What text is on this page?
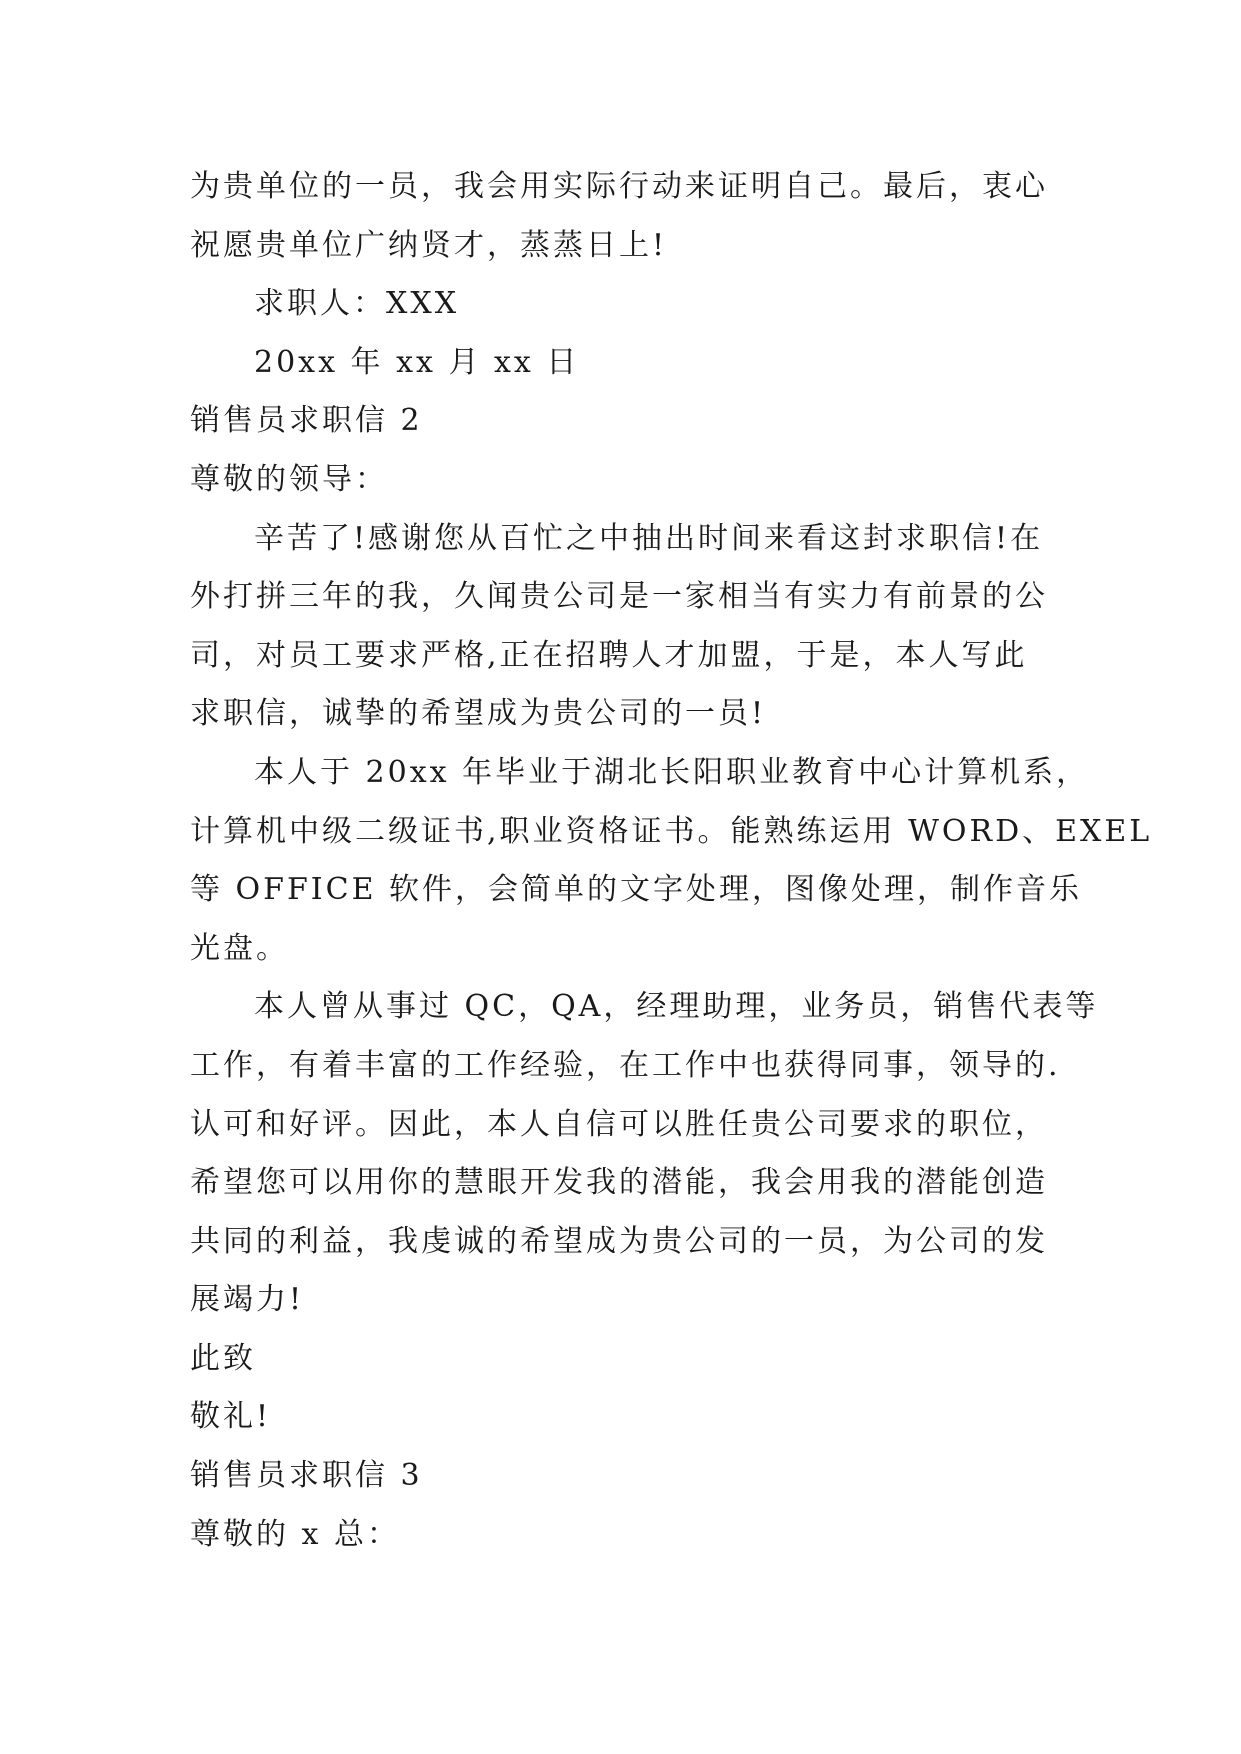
为贵单位的一员，我会用实际行动来证明自己。最后，衷心
祝愿贵单位广纳贤才，蒸蒸日上!
求职人：XXX
20xx 年 xx 月 xx 日
销售员求职信 2
尊敬的领导：
辛苦了!感谢您从百忙之中抽出时间来看这封求职信!在
外打拼三年的我，久闻贵公司是一家相当有实力有前景的公
司，对员工要求严格,正在招聘人才加盟，于是，本人写此
求职信，诚挚的希望成为贵公司的一员!
本人于 20xx 年毕业于湖北长阳职业教育中心计算机系，
计算机中级二级证书,职业资格证书。能熟练运用 WORD、EXEL
等 OFFICE 软件，会简单的文字处理，图像处理，制作音乐
光盘。
本人曾从事过 QC，QA，经理助理，业务员，销售代表等
工作，有着丰富的工作经验，在工作中也获得同事，领导的.
认可和好评。因此，本人自信可以胜任贵公司要求的职位，
希望您可以用你的慧眼开发我的潜能，我会用我的潜能创造
共同的利益，我虔诚的希望成为贵公司的一员，为公司的发
展竭力!
此致
敬礼!
销售员求职信 3
尊敬的 x 总：
